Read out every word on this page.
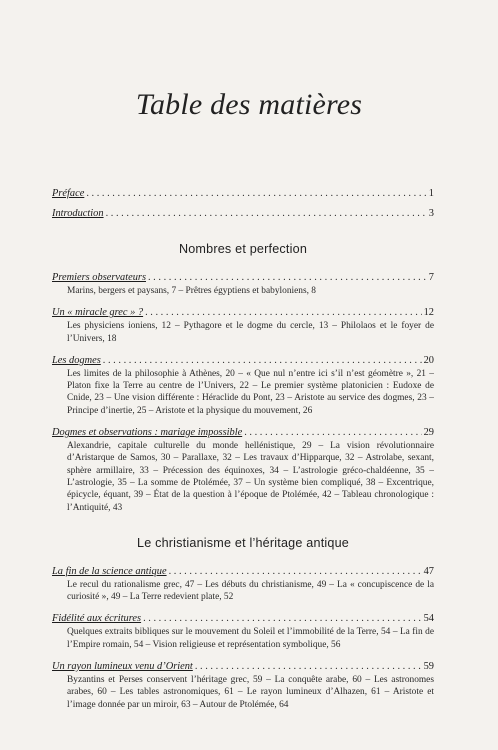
Table des matières
Préface . . .	1
Introduction . . .	3
Nombres et perfection
Premiers observateurs . . .	7
Marins, bergers et paysans, 7 – Prêtres égyptiens et babyloniens, 8
Un « miracle grec » ? . . .	12
Les physiciens ioniens, 12 – Pythagore et le dogme du cercle, 13 – Philolaos et le foyer de l’Univers, 18
Les dogmes . . .	20
Les limites de la philosophie à Athènes, 20 – « Que nul n’entre ici s’il n’est géomètre », 21 – Platon fixe la Terre au centre de l’Univers, 22 – Le premier système platonicien : Eudoxe de Cnide, 23 – Une vision différente : Héraclide du Pont, 23 – Aristote au service des dogmes, 23 – Principe d’inertie, 25 – Aristote et la physique du mouvement, 26
Dogmes et observations : mariage impossible . . .	29
Alexandrie, capitale culturelle du monde hellénistique, 29 – La vision révolutionnaire d’Aristarque de Samos, 30 – Parallaxe, 32 – Les travaux d’Hipparque, 32 – Astrolabe, sexant, sphère armillaire, 33 – Précession des équinoxes, 34 – L’astrologie gréco-chaldéenne, 35 – L’astrologie, 35 – La somme de Ptolémée, 37 – Un système bien compliqué, 38 – Excentrique, épicycle, équant, 39 – État de la question à l’époque de Ptolémée, 42 – Tableau chronologique : l’Antiquité, 43
Le christianisme et l’héritage antique
La fin de la science antique . . .	47
Le recul du rationalisme grec, 47 – Les débuts du christianisme, 49 – La « concupiscence de la curiosité », 49 – La Terre redevient plate, 52
Fidélité aux écritures . . .	54
Quelques extraits bibliques sur le mouvement du Soleil et l’immobilité de la Terre, 54 – La fin de l’Empire romain, 54 – Vision religieuse et représentation symbolique, 56
Un rayon lumineux venu d’Orient . . .	59
Byzantins et Perses conservent l’héritage grec, 59 – La conquête arabe, 60 – Les astronomes arabes, 60 – Les tables astronomiques, 61 – Le rayon lumineux d’Alhazen, 61 – Aristote et l’image donnée par un miroir, 63 – Autour de Ptolémée, 64
